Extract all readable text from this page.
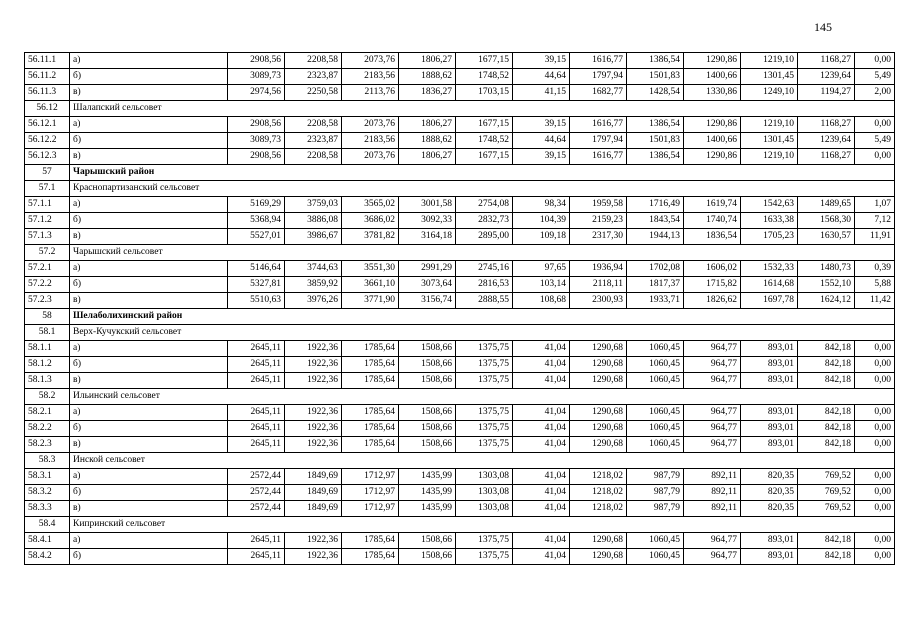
145
56.11.1	а)	2908,56	2208,58	2073,76	1806,27	1677,15	39,15	1616,77	1386,54	1290,86	1219,10	1168,27	0,00
56.11.2	б)	3089,73	2323,87	2183,56	1888,62	1748,52	44,64	1797,94	1501,83	1400,66	1301,45	1239,64	5,49
56.11.3	в)	2974,56	2250,58	2113,76	1836,27	1703,15	41,15	1682,77	1428,54	1330,86	1249,10	1194,27	2,00
56.12	Шалапский сельсовет												
56.12.1	а)	2908,56	2208,58	2073,76	1806,27	1677,15	39,15	1616,77	1386,54	1290,86	1219,10	1168,27	0,00
56.12.2	б)	3089,73	2323,87	2183,56	1888,62	1748,52	44,64	1797,94	1501,83	1400,66	1301,45	1239,64	5,49
56.12.3	в)	2908,56	2208,58	2073,76	1806,27	1677,15	39,15	1616,77	1386,54	1290,86	1219,10	1168,27	0,00
57	Чарышский район												
57.1	Краснопартизанский сельсовет												
57.1.1	а)	5169,29	3759,03	3565,02	3001,58	2754,08	98,34	1959,58	1716,49	1619,74	1542,63	1489,65	1,07
57.1.2	б)	5368,94	3886,08	3686,02	3092,33	2832,73	104,39	2159,23	1843,54	1740,74	1633,38	1568,30	7,12
57.1.3	в)	5527,01	3986,67	3781,82	3164,18	2895,00	109,18	2317,30	1944,13	1836,54	1705,23	1630,57	11,91
57.2	Чарышский сельсовет												
57.2.1	а)	5146,64	3744,63	3551,30	2991,29	2745,16	97,65	1936,94	1702,08	1606,02	1532,33	1480,73	0,39
57.2.2	б)	5327,81	3859,92	3661,10	3073,64	2816,53	103,14	2118,11	1817,37	1715,82	1614,68	1552,10	5,88
57.2.3	в)	5510,63	3976,26	3771,90	3156,74	2888,55	108,68	2300,93	1933,71	1826,62	1697,78	1624,12	11,42
58	Шелаболихинский район												
58.1	Верх-Кучукский сельсовет												
58.1.1	а)	2645,11	1922,36	1785,64	1508,66	1375,75	41,04	1290,68	1060,45	964,77	893,01	842,18	0,00
58.1.2	б)	2645,11	1922,36	1785,64	1508,66	1375,75	41,04	1290,68	1060,45	964,77	893,01	842,18	0,00
58.1.3	в)	2645,11	1922,36	1785,64	1508,66	1375,75	41,04	1290,68	1060,45	964,77	893,01	842,18	0,00
58.2	Ильинский сельсовет												
58.2.1	а)	2645,11	1922,36	1785,64	1508,66	1375,75	41,04	1290,68	1060,45	964,77	893,01	842,18	0,00
58.2.2	б)	2645,11	1922,36	1785,64	1508,66	1375,75	41,04	1290,68	1060,45	964,77	893,01	842,18	0,00
58.2.3	в)	2645,11	1922,36	1785,64	1508,66	1375,75	41,04	1290,68	1060,45	964,77	893,01	842,18	0,00
58.3	Инской сельсовет												
58.3.1	а)	2572,44	1849,69	1712,97	1435,99	1303,08	41,04	1218,02	987,79	892,11	820,35	769,52	0,00
58.3.2	б)	2572,44	1849,69	1712,97	1435,99	1303,08	41,04	1218,02	987,79	892,11	820,35	769,52	0,00
58.3.3	в)	2572,44	1849,69	1712,97	1435,99	1303,08	41,04	1218,02	987,79	892,11	820,35	769,52	0,00
58.4	Кипринский сельсовет												
58.4.1	а)	2645,11	1922,36	1785,64	1508,66	1375,75	41,04	1290,68	1060,45	964,77	893,01	842,18	0,00
58.4.2	б)	2645,11	1922,36	1785,64	1508,66	1375,75	41,04	1290,68	1060,45	964,77	893,01	842,18	0,00
